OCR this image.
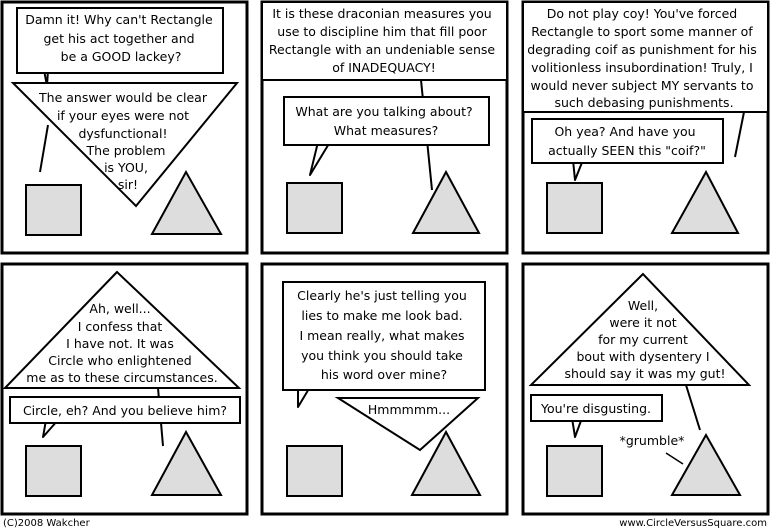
Damn it! Why can't Rectangle get his act together and be a GOOD lackey?
The answer would be clear if your eyes were not dysfunctional! The problem is YOU, sir!
It is these draconian measures you use to discipline him that fill poor Rectangle with an undeniable sense of INADEQUACY!
What are you talking about? What measures?
Do not play coy! You've forced Rectangle to sport some manner of degrading coif as punishment for his volitionless insubordination! Truly, I would never subject MY servants to such debasing punishments.
Oh yea? And have you actually SEEN this "coif?"
Ah, well... I confess that I have not. It was Circle who enlightened me as to these circumstances.
Circle, eh? And you believe him?
Clearly he's just telling you lies to make me look bad. I mean really, what makes you think you should take his word over mine?
Hmmmmm...
Well, were it not for my current bout with dysentery I should say it was my gut!
You're disgusting.
*grumble*
(C)2008 Wakcher	www.CircleVersusSquare.com
